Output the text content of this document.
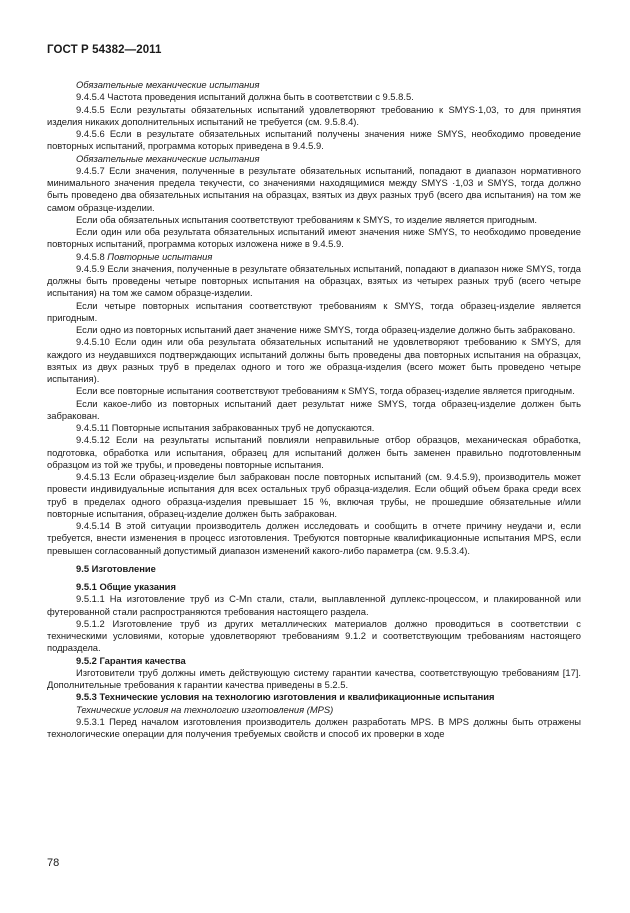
ГОСТ Р 54382—2011

Обязательные механические испытания

9.4.5.4 Частота проведения испытаний должна быть в соответствии с 9.5.8.5.

9.4.5.5 Если результаты обязательных испытаний удовлетворяют требованию к SMYS·1,03, то для принятия изделия никаких дополнительных испытаний не требуется (см. 9.5.8.4).

9.4.5.6 Если в результате обязательных испытаний получены значения ниже SMYS, необходимо проведение повторных испытаний, программа которых приведена в 9.4.5.9.

Обязательные механические испытания

9.4.5.7 Если значения, полученные в результате обязательных испытаний, попадают в диапазон нормативного минимального значения предела текучести, со значениями находящимися между SMYS ·1,03 и SMYS, тогда должно быть проведено два обязательных испытания на образцах, взятых из двух разных труб (всего два испытания) на том же самом образце-изделии.

Если оба обязательных испытания соответствуют требованиям к SMYS, то изделие является пригодным.

Если один или оба результата обязательных испытаний имеют значения ниже SMYS, то необходимо проведение повторных испытаний, программа которых изложена ниже в 9.4.5.9.

9.4.5.8 Повторные испытания

9.4.5.9 Если значения, полученные в результате обязательных испытаний, попадают в диапазон ниже SMYS, тогда должны быть проведены четыре повторных испытания на образцах, взятых из четырех разных труб (всего четыре испытания) на том же самом образце-изделии.

Если четыре повторных испытания соответствуют требованиям к SMYS, тогда образец-изделие является пригодным.

Если одно из повторных испытаний дает значение ниже SMYS, тогда образец-изделие должно быть забраковано.

9.4.5.10 Если один или оба результата обязательных испытаний не удовлетворяют требованию к SMYS, для каждого из неудавшихся подтверждающих испытаний должны быть проведены два повторных испытания на образцах, взятых из двух разных труб в пределах одного и того же образца-изделия (всего может быть проведено четыре испытания).

Если все повторные испытания соответствуют требованиям к SMYS, тогда образец-изделие является пригодным.

Если какое-либо из повторных испытаний дает результат ниже SMYS, тогда образец-изделие должен быть забракован.

9.4.5.11 Повторные испытания забракованных труб не допускаются.

9.4.5.12 Если на результаты испытаний повлияли неправильные отбор образцов, механическая обработка, подготовка, обработка или испытания, образец для испытаний должен быть заменен правильно подготовленным образцом из той же трубы, и проведены повторные испытания.

9.4.5.13 Если образец-изделие был забракован после повторных испытаний (см. 9.4.5.9), производитель может провести индивидуальные испытания для всех остальных труб образца-изделия. Если общий объем брака среди всех труб в пределах одного образца-изделия превышает 15 %, включая трубы, не прошедшие обязательные и/или повторные испытания, образец-изделие должен быть забракован.

9.4.5.14 В этой ситуации производитель должен исследовать и сообщить в отчете причину неудачи и, если требуется, внести изменения в процесс изготовления. Требуются повторные квалификационные испытания MPS, если превышен согласованный допустимый диапазон изменений какого-либо параметра (см. 9.5.3.4).

9.5 Изготовление

9.5.1 Общие указания

9.5.1.1 На изготовление труб из C-Mn стали, стали, выплавленной дуплекс-процессом, и плакированной или футерованной стали распространяются требования настоящего раздела.

9.5.1.2 Изготовление труб из других металлических материалов должно проводиться в соответствии с техническими условиями, которые удовлетворяют требованиям 9.1.2 и соответствующим требованиям настоящего подраздела.

9.5.2 Гарантия качества

Изготовители труб должны иметь действующую систему гарантии качества, соответствующую требованиям [17]. Дополнительные требования к гарантии качества приведены в 5.2.5.

9.5.3 Технические условия на технологию изготовления и квалификационные испытания

Технические условия на технологию изготовления (MPS)

9.5.3.1 Перед началом изготовления производитель должен разработать MPS. В MPS должны быть отражены технологические операции для получения требуемых свойств и способ их проверки в ходе

78
